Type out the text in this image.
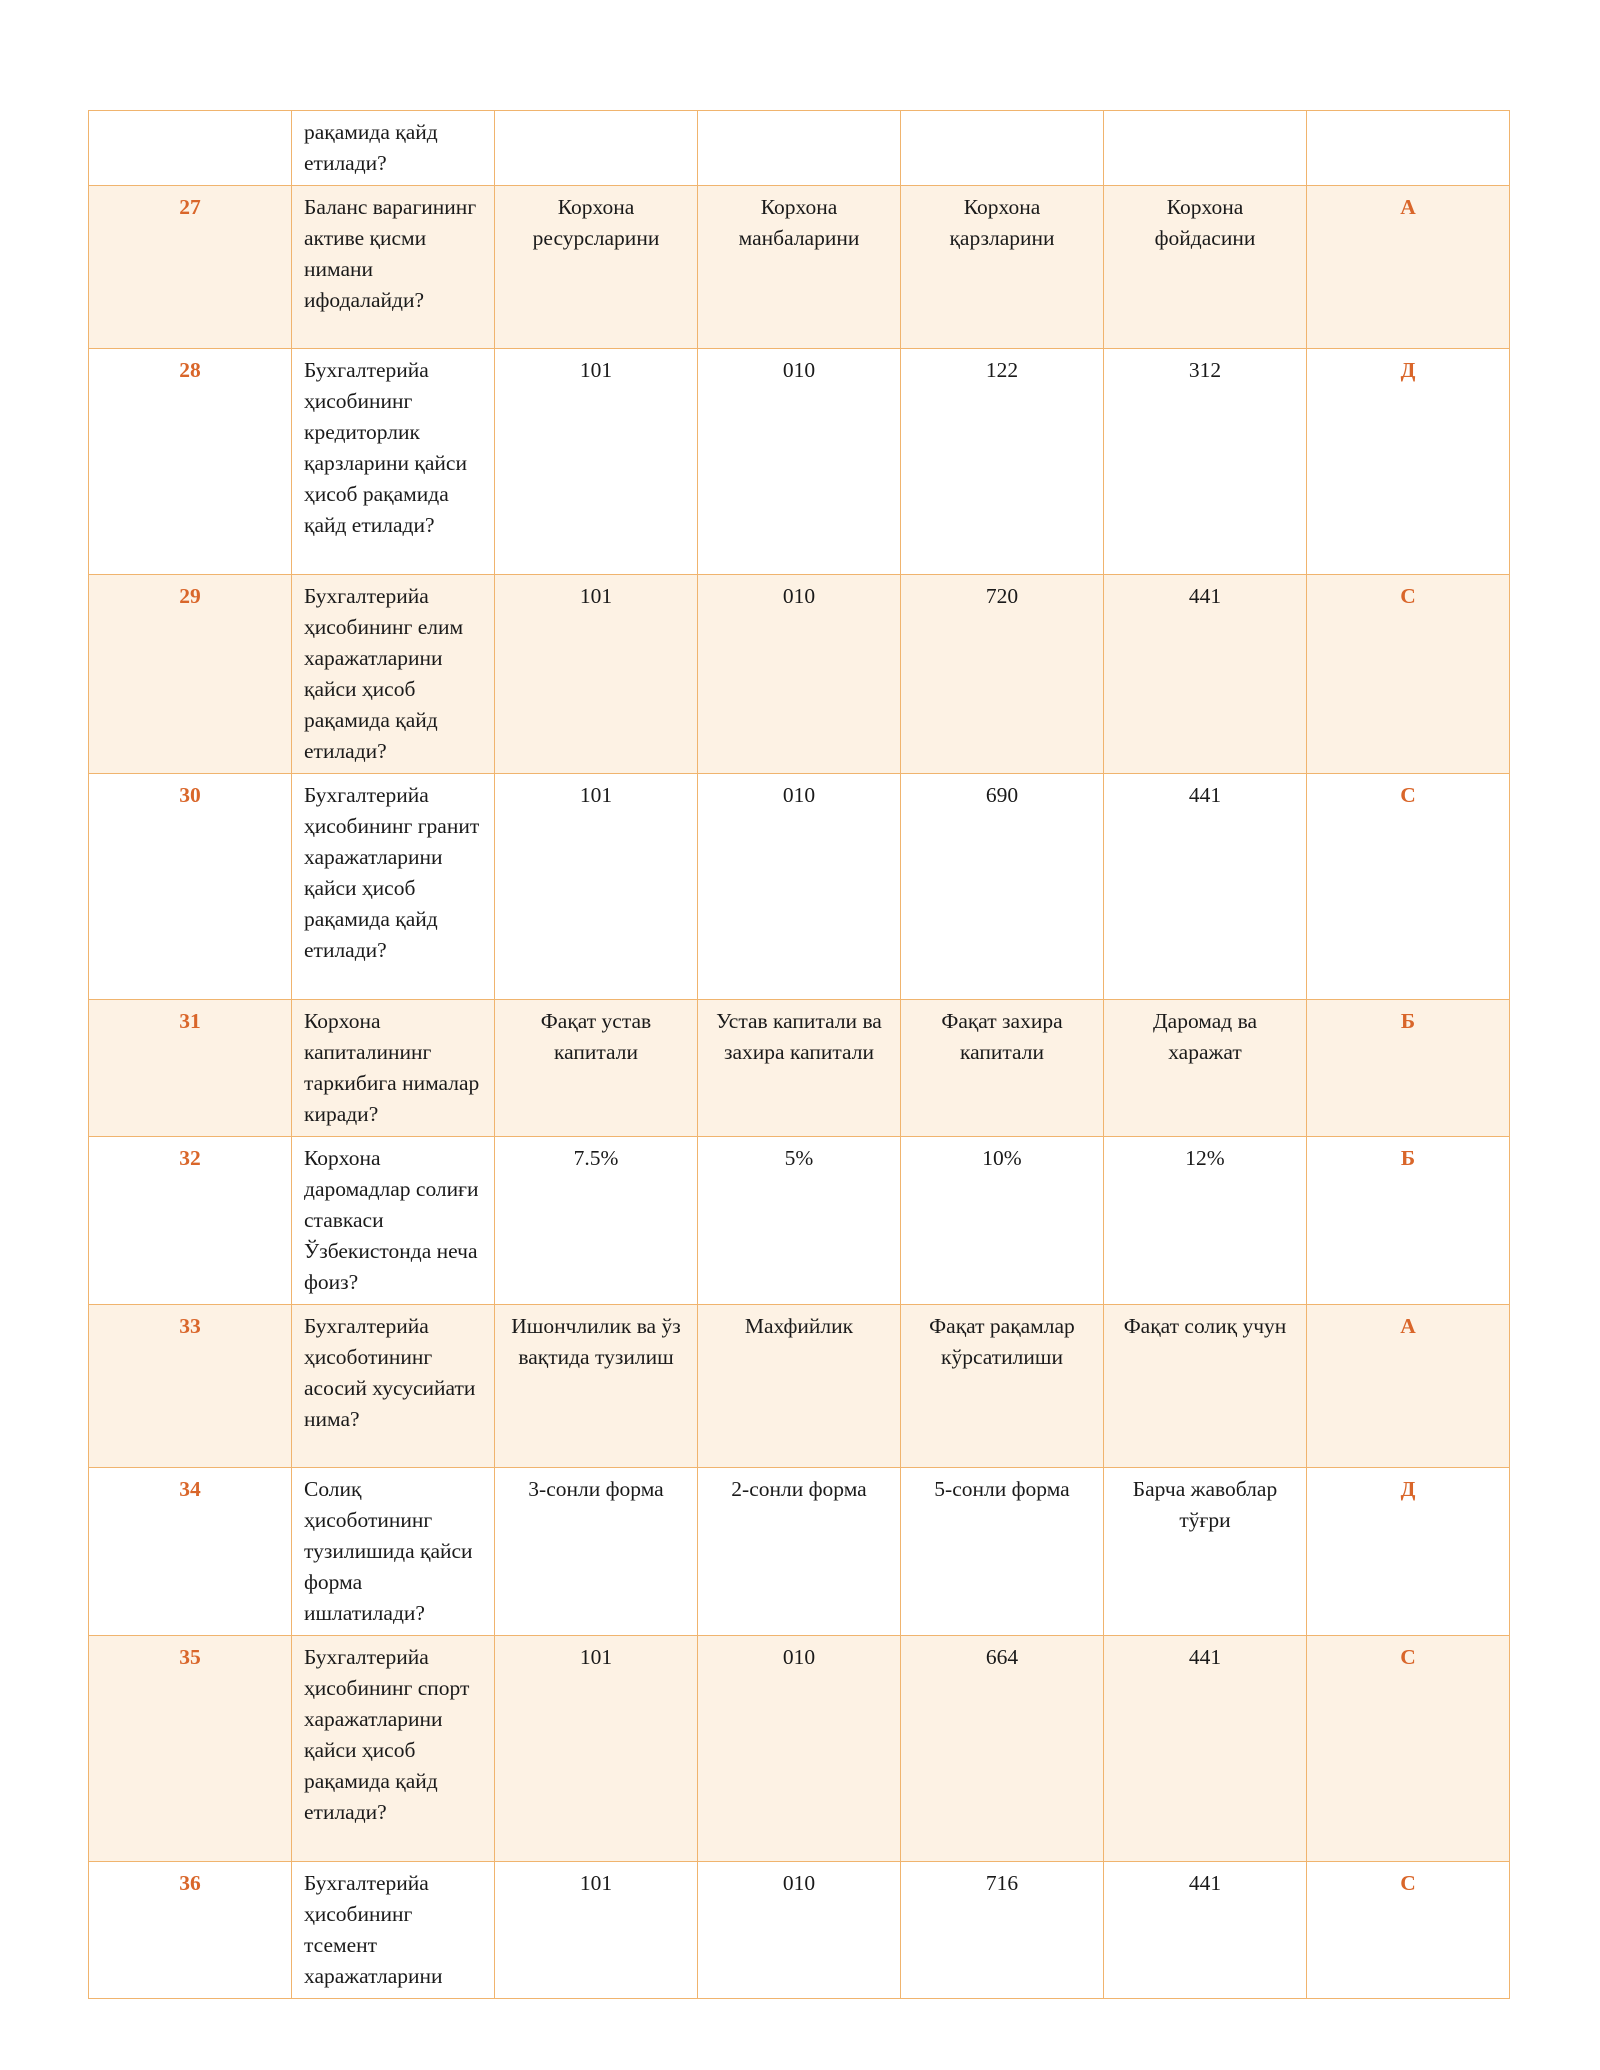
	рақамида қайд етилади?					
27	Баланс варагининг активе қисми нимани ифодалайди?	Корхона ресурсларини	Корхона манбаларини	Корхона қарзларини	Корхона фойдасини	А
28	Бухгалтерийа ҳисобининг кредиторлик қарзларини қайси ҳисоб рақамида қайд етилади?	101	010	122	312	Д
29	Бухгалтерийа ҳисобининг елим харажатларини қайси ҳисоб рақамида қайд етилади?	101	010	720	441	С
30	Бухгалтерийа ҳисобининг гранит харажатларини қайси ҳисоб рақамида қайд етилади?	101	010	690	441	С
31	Корхона капиталининг таркибига нималар киради?	Фақат устав капитали	Устав капитали ва захира капитали	Фақат захира капитали	Даромад ва харажат	Б
32	Корхона даромадлар солиғи ставкаси Ўзбекистонда неча фоиз?	7.5%	5%	10%	12%	Б
33	Бухгалтерийа ҳисоботининг асосий хусусийати нима?	Ишончлилик ва ўз вақтида тузилиш	Махфийлик	Фақат рақамлар кўрсатилиши	Фақат солиқ учун	А
34	Солиқ ҳисоботининг тузилишида қайси форма ишлатилади?	3-сонли форма	2-сонли форма	5-сонли форма	Барча жавоблар тўғри	Д
35	Бухгалтерийа ҳисобининг спорт харажатларини қайси ҳисоб рақамида қайд етилади?	101	010	664	441	С
36	Бухгалтерийа ҳисобининг тсемент харажатларини	101	010	716	441	С
